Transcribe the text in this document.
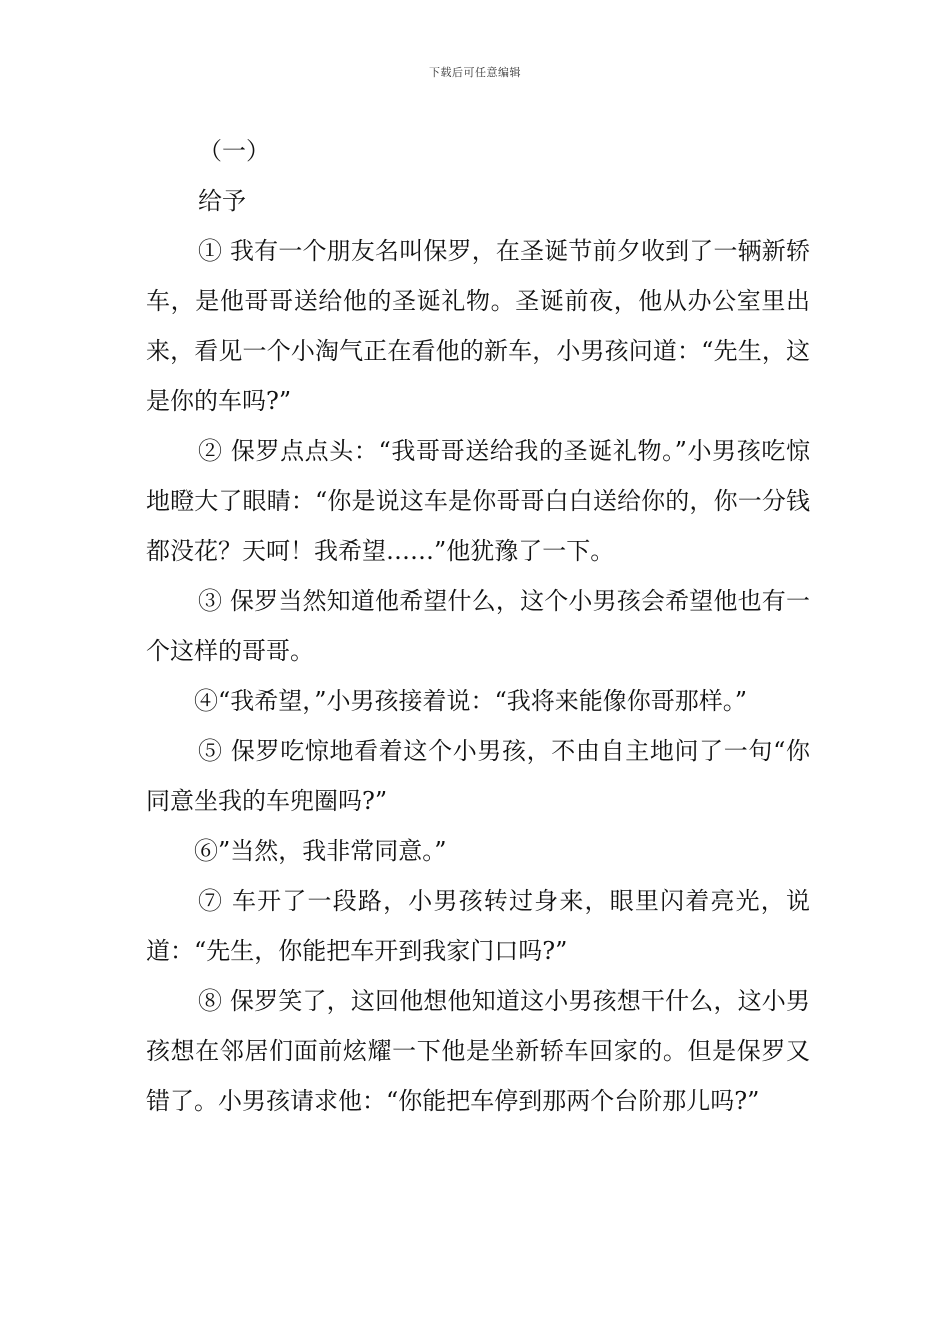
下载后可任意编辑

（一）

给予

① 我有一个朋友名叫保罗，在圣诞节前夕收到了一辆新轿车，是他哥哥送给他的圣诞礼物。圣诞前夜，他从办公室里出来，看见一个小淘气正在看他的新车，小男孩问道：“先生，这是你的车吗?”

② 保罗点点头：“我哥哥送给我的圣诞礼物。”小男孩吃惊地瞪大了眼睛：“你是说这车是你哥哥白白送给你的，你一分钱都没花？天呵！我希望……”他犹豫了一下。

③ 保罗当然知道他希望什么，这个小男孩会希望他也有一个这样的哥哥。

④“我希望，”小男孩接着说：“我将来能像你哥那样。”

⑤ 保罗吃惊地看着这个小男孩，不由自主地问了一句“你同意坐我的车兜圈吗?”

⑥”当然，我非常同意。”

⑦ 车开了一段路，小男孩转过身来，眼里闪着亮光，说道：“先生，你能把车开到我家门口吗?”

⑧ 保罗笑了，这回他想他知道这小男孩想干什么，这小男孩想在邻居们面前炫耀一下他是坐新轿车回家的。但是保罗又错了。小男孩请求他：“你能把车停到那两个台阶那儿吗?”
